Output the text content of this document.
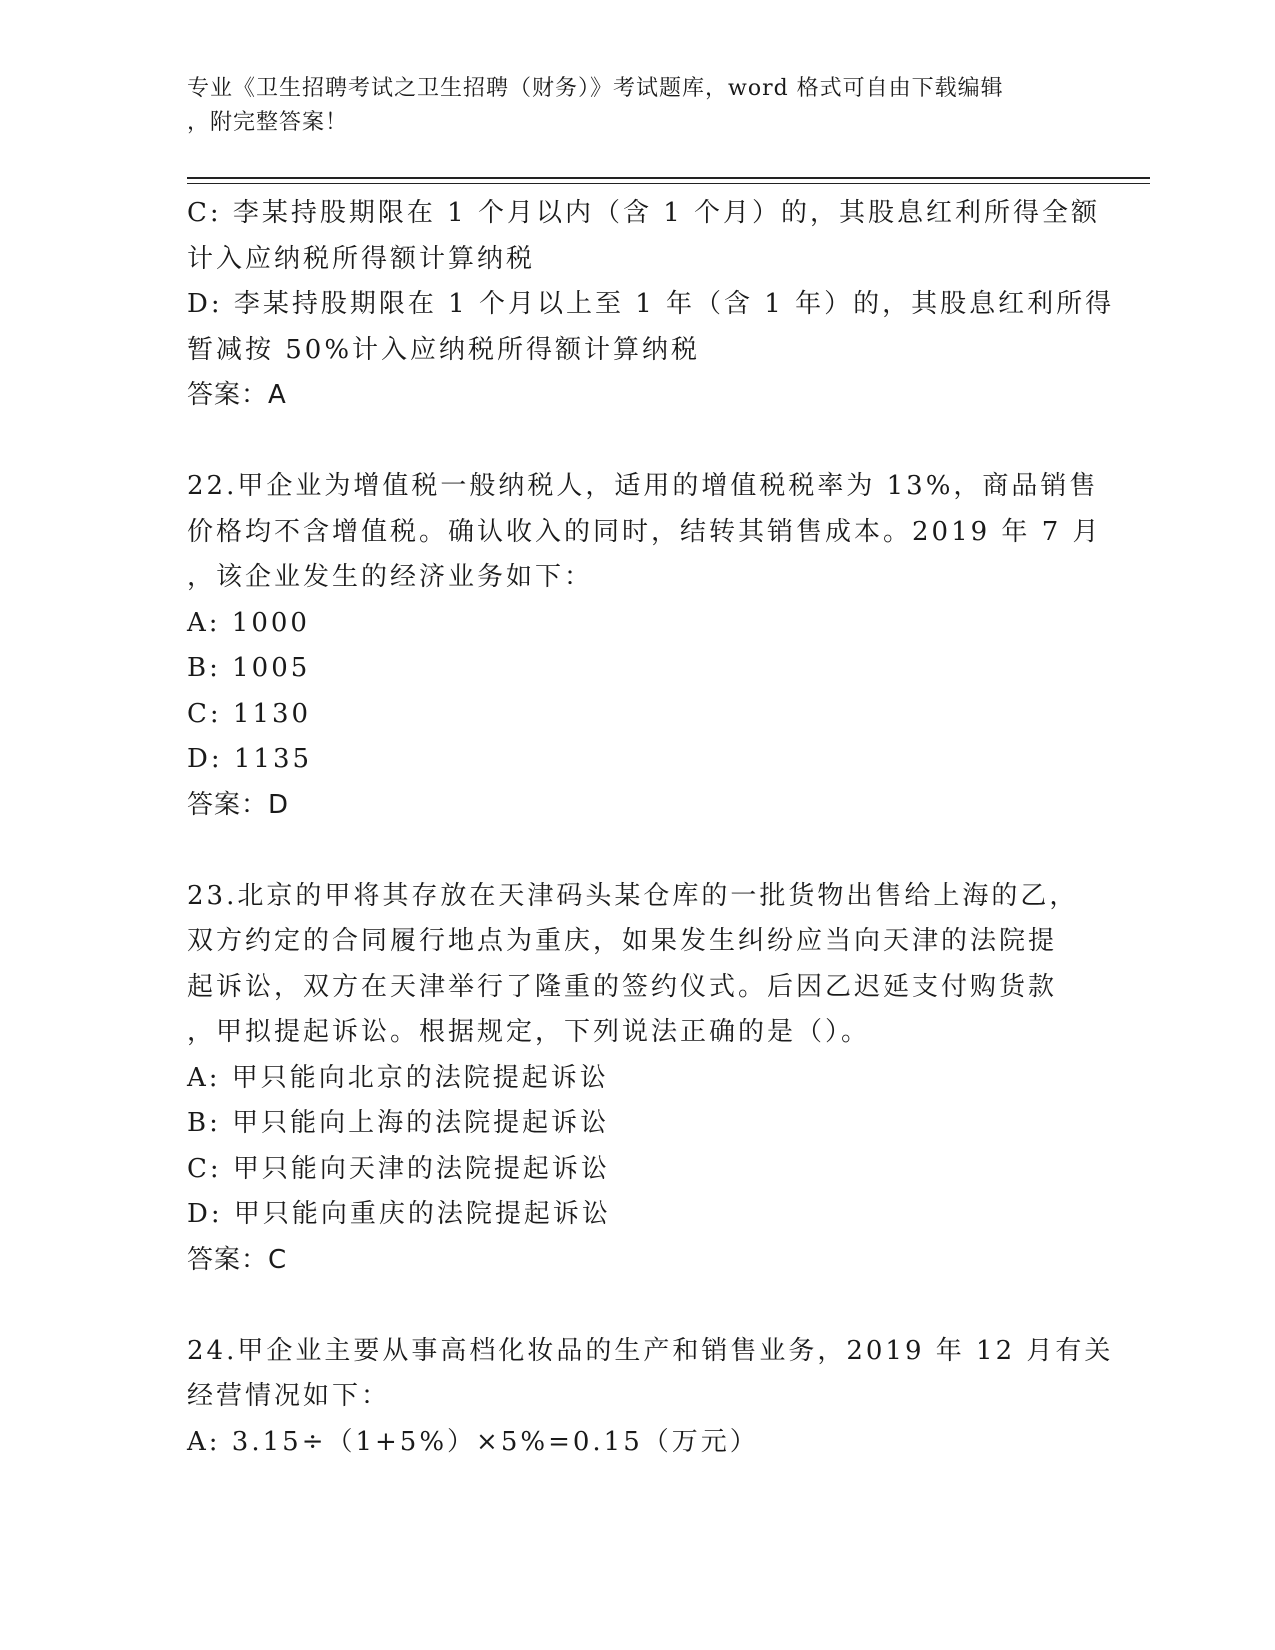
专业《卫生招聘考试之卫生招聘（财务）》考试题库，word 格式可自由下载编辑
，附完整答案！
C: 李某持股期限在 1 个月以内（含 1 个月）的，其股息红利所得全额
计入应纳税所得额计算纳税
D: 李某持股期限在 1 个月以上至 1 年（含 1 年）的，其股息红利所得
暂减按 50%计入应纳税所得额计算纳税
答案：A
22.甲企业为增值税一般纳税人，适用的增值税税率为 13%，商品销售
价格均不含增值税。确认收入的同时，结转其销售成本。2019 年 7 月
，该企业发生的经济业务如下：
A: 1000
B: 1005
C: 1130
D: 1135
答案：D
23.北京的甲将其存放在天津码头某仓库的一批货物出售给上海的乙，
双方约定的合同履行地点为重庆，如果发生纠纷应当向天津的法院提
起诉讼，双方在天津举行了隆重的签约仪式。后因乙迟延支付购货款
，甲拟提起诉讼。根据规定，下列说法正确的是（）。
A: 甲只能向北京的法院提起诉讼
B: 甲只能向上海的法院提起诉讼
C: 甲只能向天津的法院提起诉讼
D: 甲只能向重庆的法院提起诉讼
答案：C
24.甲企业主要从事高档化妆品的生产和销售业务，2019 年 12 月有关
经营情况如下：
A: 3.15÷（1+5%）×5%=0.15（万元）
